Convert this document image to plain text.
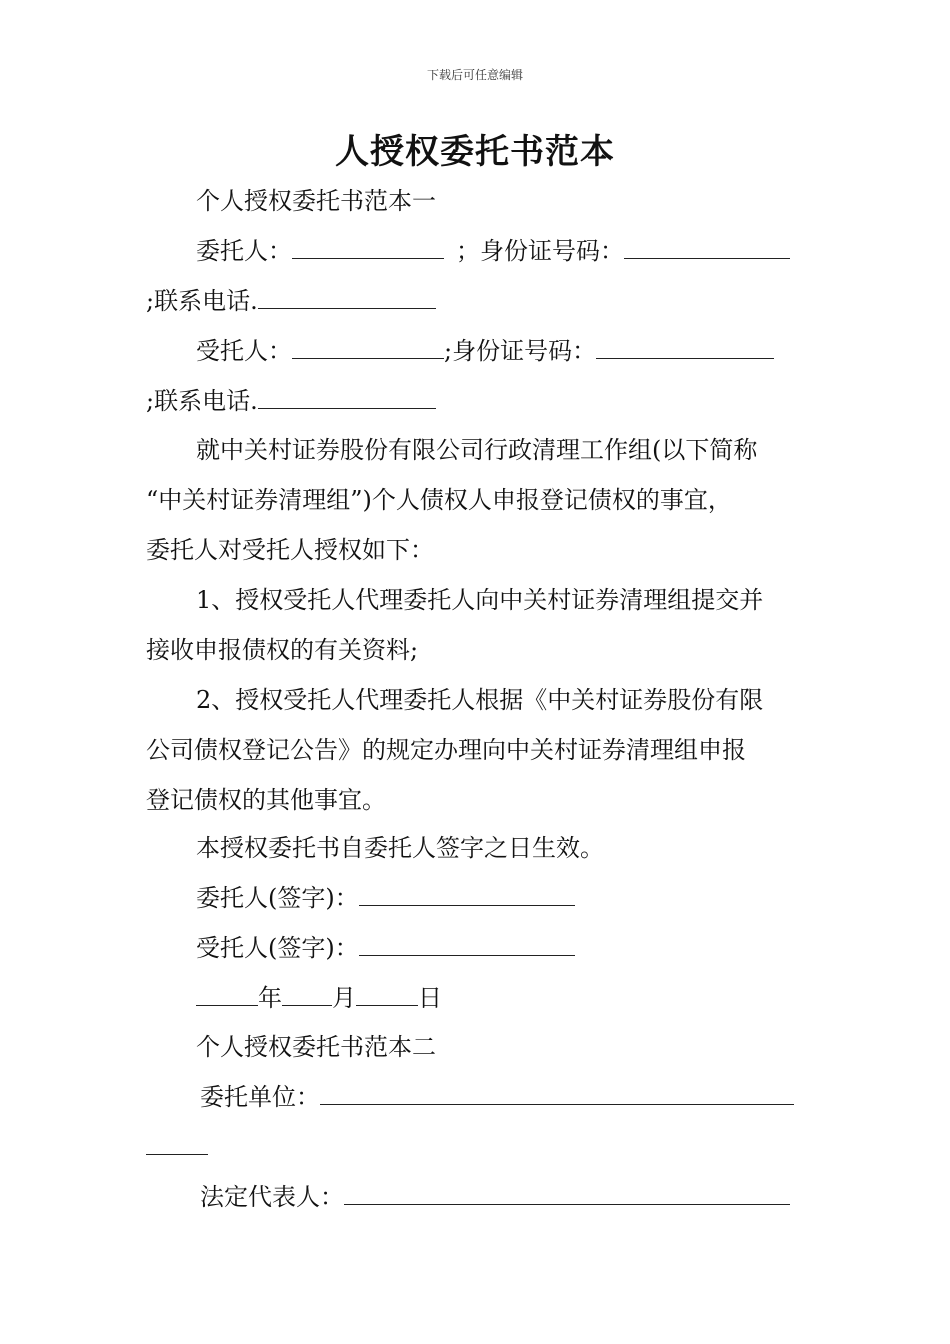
下载后可任意编辑
人授权委托书范本
个人授权委托书范本一
委托人：	；身份证号码：
;联系电话.
受托人：	;身份证号码：
;联系电话.
就中关村证券股份有限公司行政清理工作组(以下简称
“中关村证券清理组”)个人债权人申报登记债权的事宜，
委托人对受托人授权如下：
1、授权受托人代理委托人向中关村证券清理组提交并
接收申报债权的有关资料;
2、授权受托人代理委托人根据《中关村证券股份有限
公司债权登记公告》的规定办理向中关村证券清理组申报
登记债权的其他事宜。
本授权委托书自委托人签字之日生效。
委托人(签字)：
受托人(签字)：
年 月	日
个人授权委托书范本二
委托单位：
法定代表人：
